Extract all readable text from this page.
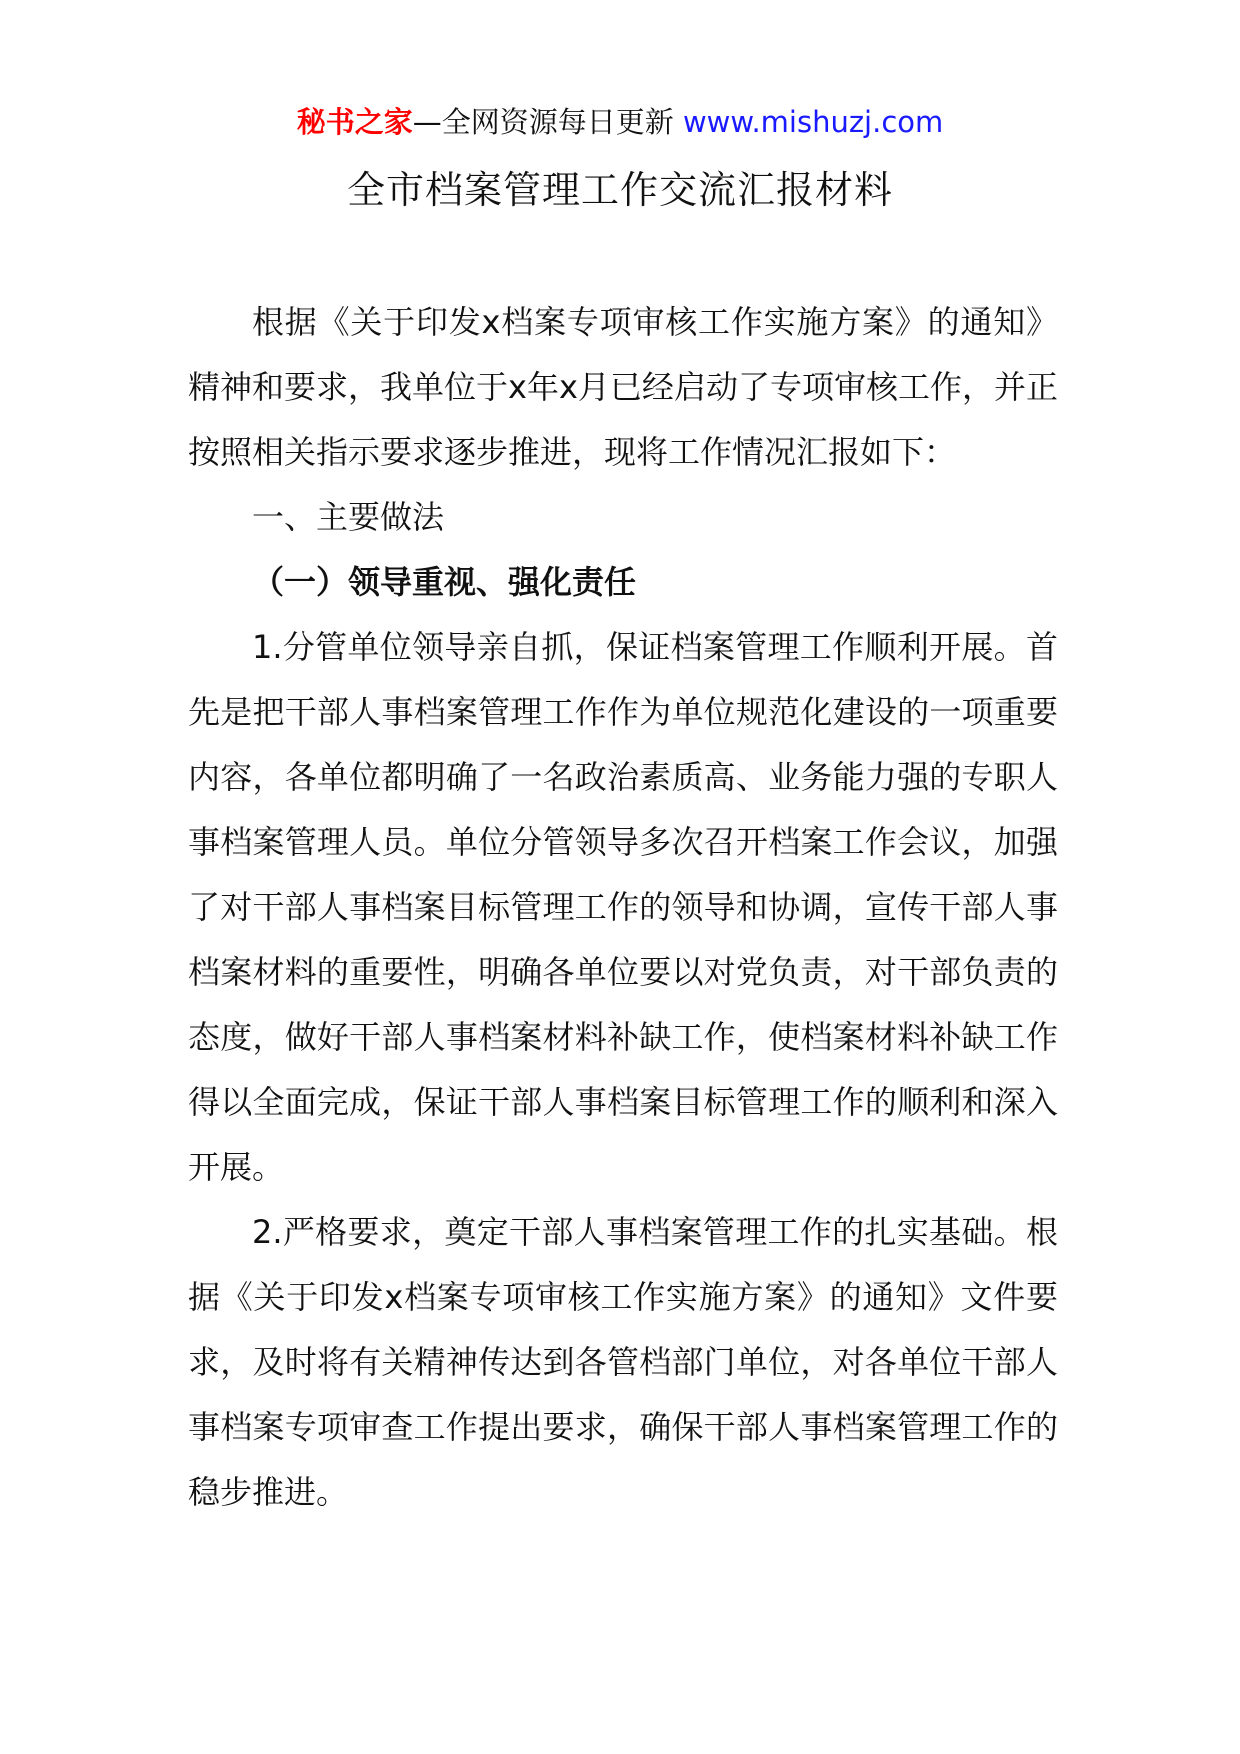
秘书之家—全网资源每日更新 www.mishuzj.com
全市档案管理工作交流汇报材料

根据《关于印发x档案专项审核工作实施方案》的通知》精神和要求，我单位于x年x月已经启动了专项审核工作，并正按照相关指示要求逐步推进，现将工作情况汇报如下：

一、主要做法

（一）领导重视、强化责任

1.分管单位领导亲自抓，保证档案管理工作顺利开展。首先是把干部人事档案管理工作作为单位规范化建设的一项重要内容，各单位都明确了一名政治素质高、业务能力强的专职人事档案管理人员。单位分管领导多次召开档案工作会议，加强了对干部人事档案目标管理工作的领导和协调，宣传干部人事档案材料的重要性，明确各单位要以对党负责，对干部负责的态度，做好干部人事档案材料补缺工作，使档案材料补缺工作得以全面完成，保证干部人事档案目标管理工作的顺利和深入开展。

2.严格要求，奠定干部人事档案管理工作的扎实基础。根据《关于印发x档案专项审核工作实施方案》的通知》文件要求，及时将有关精神传达到各管档部门单位，对各单位干部人事档案专项审查工作提出要求，确保干部人事档案管理工作的稳步推进。
